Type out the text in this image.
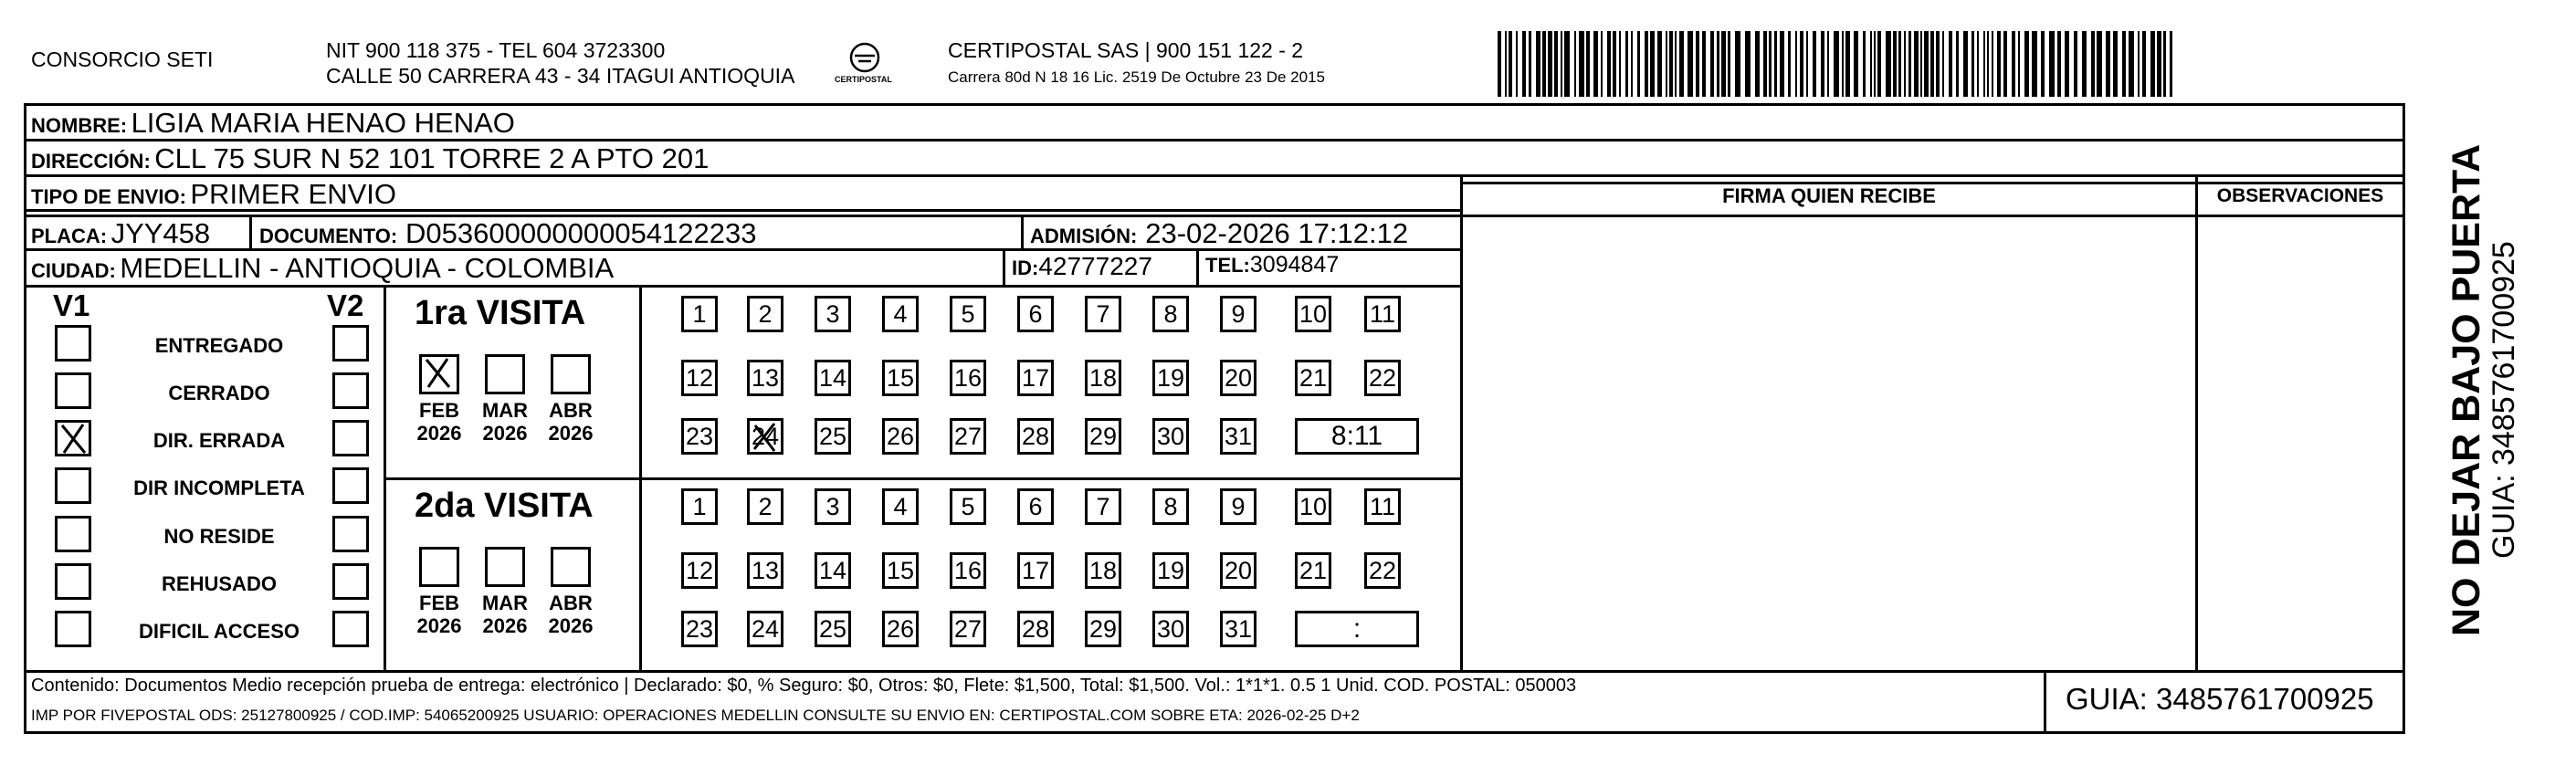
CONSORCIO SETI	NIT 900 118 375 - TEL 604 3723300
CALLE 50 CARRERA 43 - 34 ITAGUI ANTIOQUIA	CERTIPOSTAL
CERTIPOSTAL SAS | 900 151 122 - 2
Carrera 80d N 18 16 Lic. 2519 De Octubre 23 De 2015
NOMBRE: LIGIA MARIA HENAO HENAO
DIRECCIÓN: CLL 75 SUR N 52 101 TORRE 2 A PTO 201
TIPO DE ENVIO: PRIMER ENVIO
PLACA: JYY458 DOCUMENTO: D053600000000054122233	ADMISIÓN: 23-02-2026 17:12:12
CIUDAD: MEDELLIN - ANTIOQUIA - COLOMBIA	ID:42777227	TEL:3094847
FIRMA QUIEN RECIBE	OBSERVACIONES
V1	V2
ENTREGADO
CERRADO
DIR. ERRADA
DIR INCOMPLETA
NO RESIDE
REHUSADO
DIFICIL ACCESO
1ra VISITA
2da VISITA
FEB
2026
MAR
2026
ABR
2026
1	2	3	4	5	6	7	8	9	10 11
12 13 14 15 16 17 18 19 20 21 22
23 24 25 26 27 28 29 30 31	8:11
FEB
2026
MAR
2026
ABR
2026
1	2	3	4	5	6	7	8	9	10 11
12 13 14 15 16 17 18 19 20 21 22
23 24 25 26 27 28 29 30 31	:
Contenido: Documentos Medio recepción prueba de entrega: electrónico | Declarado: $0, % Seguro: $0, Otros: $0, Flete: $1,500, Total: $1,500. Vol.: 1*1*1. 0.5 1 Unid. COD. POSTAL: 050003
IMP POR FIVEPOSTAL ODS: 25127800925 / COD.IMP: 54065200925 USUARIO: OPERACIONES MEDELLIN CONSULTE SU ENVIO EN: CERTIPOSTAL.COM SOBRE ETA: 2026-02-25 D+2	GUIA: 3485761700925
NO DEJAR BAJO PUERTA
GUIA: 3485761700925
